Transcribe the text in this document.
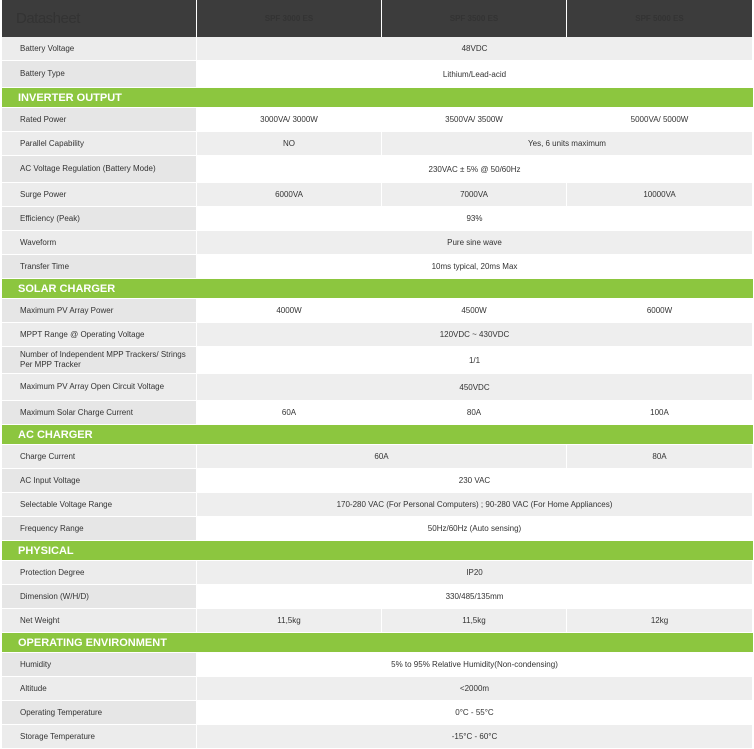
Datasheet	SPF 3000 ES	SPF 3500 ES	SPF 5000 ES
Battery Voltage	48VDC		
Battery Type	Lithium/Lead-acid		
INVERTER OUTPUT			
Rated Power	3000VA/ 3000W	3500VA/ 3500W	5000VA/ 5000W
Parallel Capability	NO	Yes, 6 units maximum	
AC Voltage Regulation (Battery Mode)	230VAC ± 5% @ 50/60Hz		
Surge Power	6000VA	7000VA	10000VA
Efficiency (Peak)	93%		
Waveform	Pure sine wave		
Transfer Time	10ms typical, 20ms Max		
SOLAR CHARGER			
Maximum PV Array Power	4000W	4500W	6000W
MPPT Range @ Operating Voltage	120VDC ~ 430VDC		
Number of Independent MPP Trackers/ Strings Per MPP Tracker	1/1		
Maximum PV Array Open Circuit Voltage	450VDC		
Maximum Solar Charge Current	60A	80A	100A
AC CHARGER			
Charge Current	60A		80A
AC Input Voltage	230 VAC		
Selectable Voltage Range	170-280 VAC (For Personal Computers) ; 90-280 VAC (For Home Appliances)		
Frequency Range	50Hz/60Hz (Auto sensing)		
PHYSICAL			
Protection Degree	IP20		
Dimension (W/H/D)	330/485/135mm		
Net Weight	11,5kg	11,5kg	12kg
OPERATING ENVIRONMENT			
Humidity	5% to 95% Relative Humidity(Non-condensing)		
Altitude	<2000m		
Operating Temperature	0°C - 55°C		
Storage Temperature	-15°C - 60°C		
